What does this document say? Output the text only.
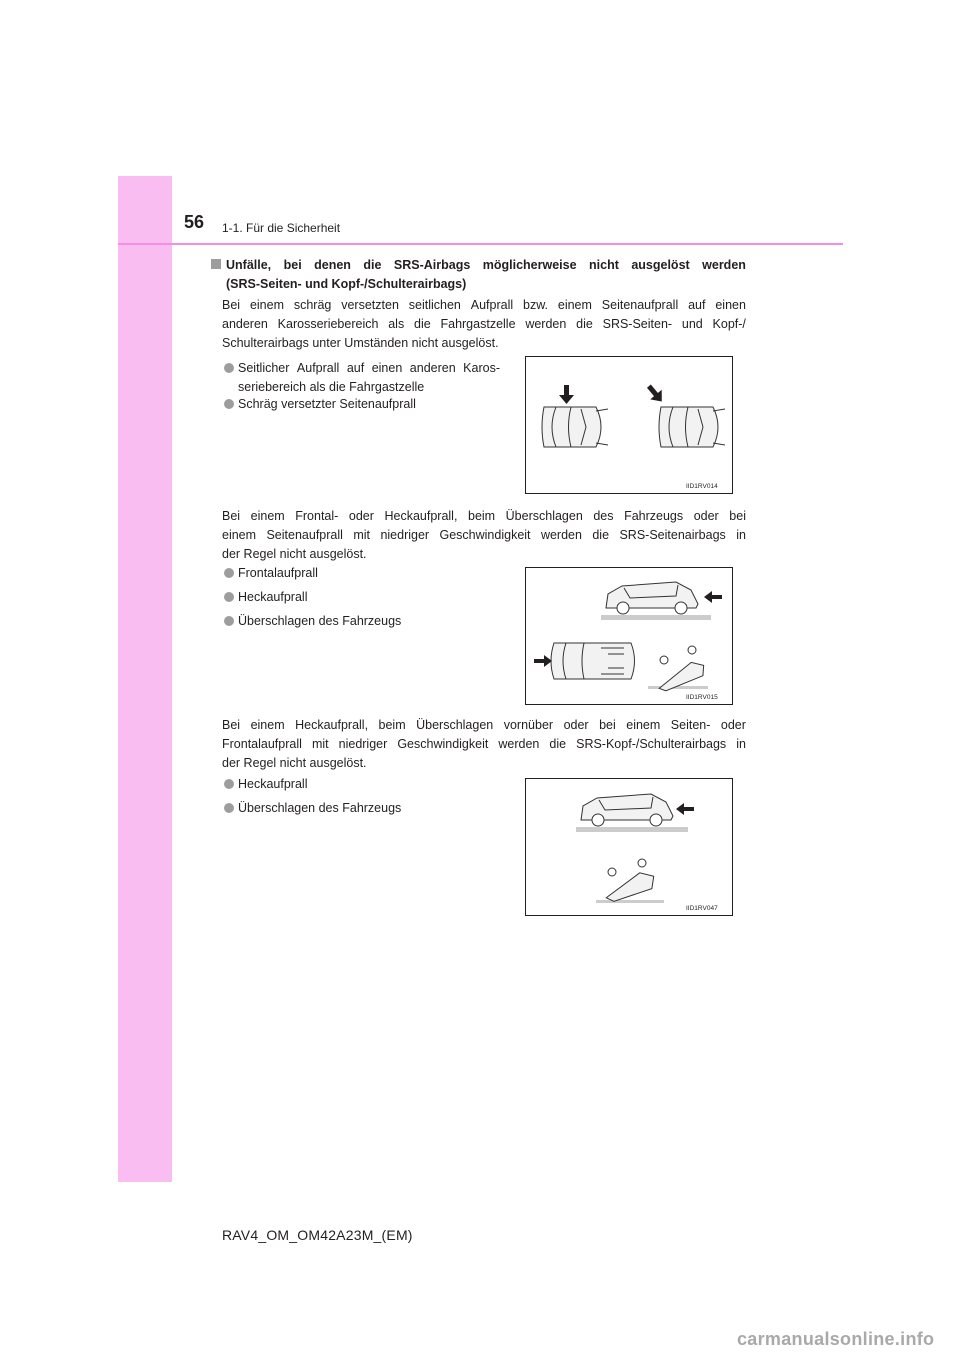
56 1-1. Für die Sicherheit
Unfälle, bei denen die SRS-Airbags möglicherweise nicht ausgelöst werden
(SRS-Seiten- und Kopf-/Schulterairbags)
Bei einem schräg versetzten seitlichen Aufprall bzw. einem Seitenaufprall auf einen
anderen Karosseriebereich als die Fahrgastzelle werden die SRS-Seiten- und Kopf-/
Schulterairbags unter Umständen nicht ausgelöst.
Seitlicher Aufprall auf einen anderen Karos-
seriebereich als die Fahrgastzelle
Schräg versetzter Seitenaufprall
IID1RV014
Bei einem Frontal- oder Heckaufprall, beim Überschlagen des Fahrzeugs oder bei
einem Seitenaufprall mit niedriger Geschwindigkeit werden die SRS-Seitenairbags in
der Regel nicht ausgelöst.
Frontalaufprall
Heckaufprall
Überschlagen des Fahrzeugs
IID1RV015
Bei einem Heckaufprall, beim Überschlagen vornüber oder bei einem Seiten- oder
Frontalaufprall mit niedriger Geschwindigkeit werden die SRS-Kopf-/Schulterairbags in
der Regel nicht ausgelöst.
Heckaufprall
Überschlagen des Fahrzeugs
IID1RV047
RAV4_OM_OM42A23M_(EM)
carmanualsonline.info
